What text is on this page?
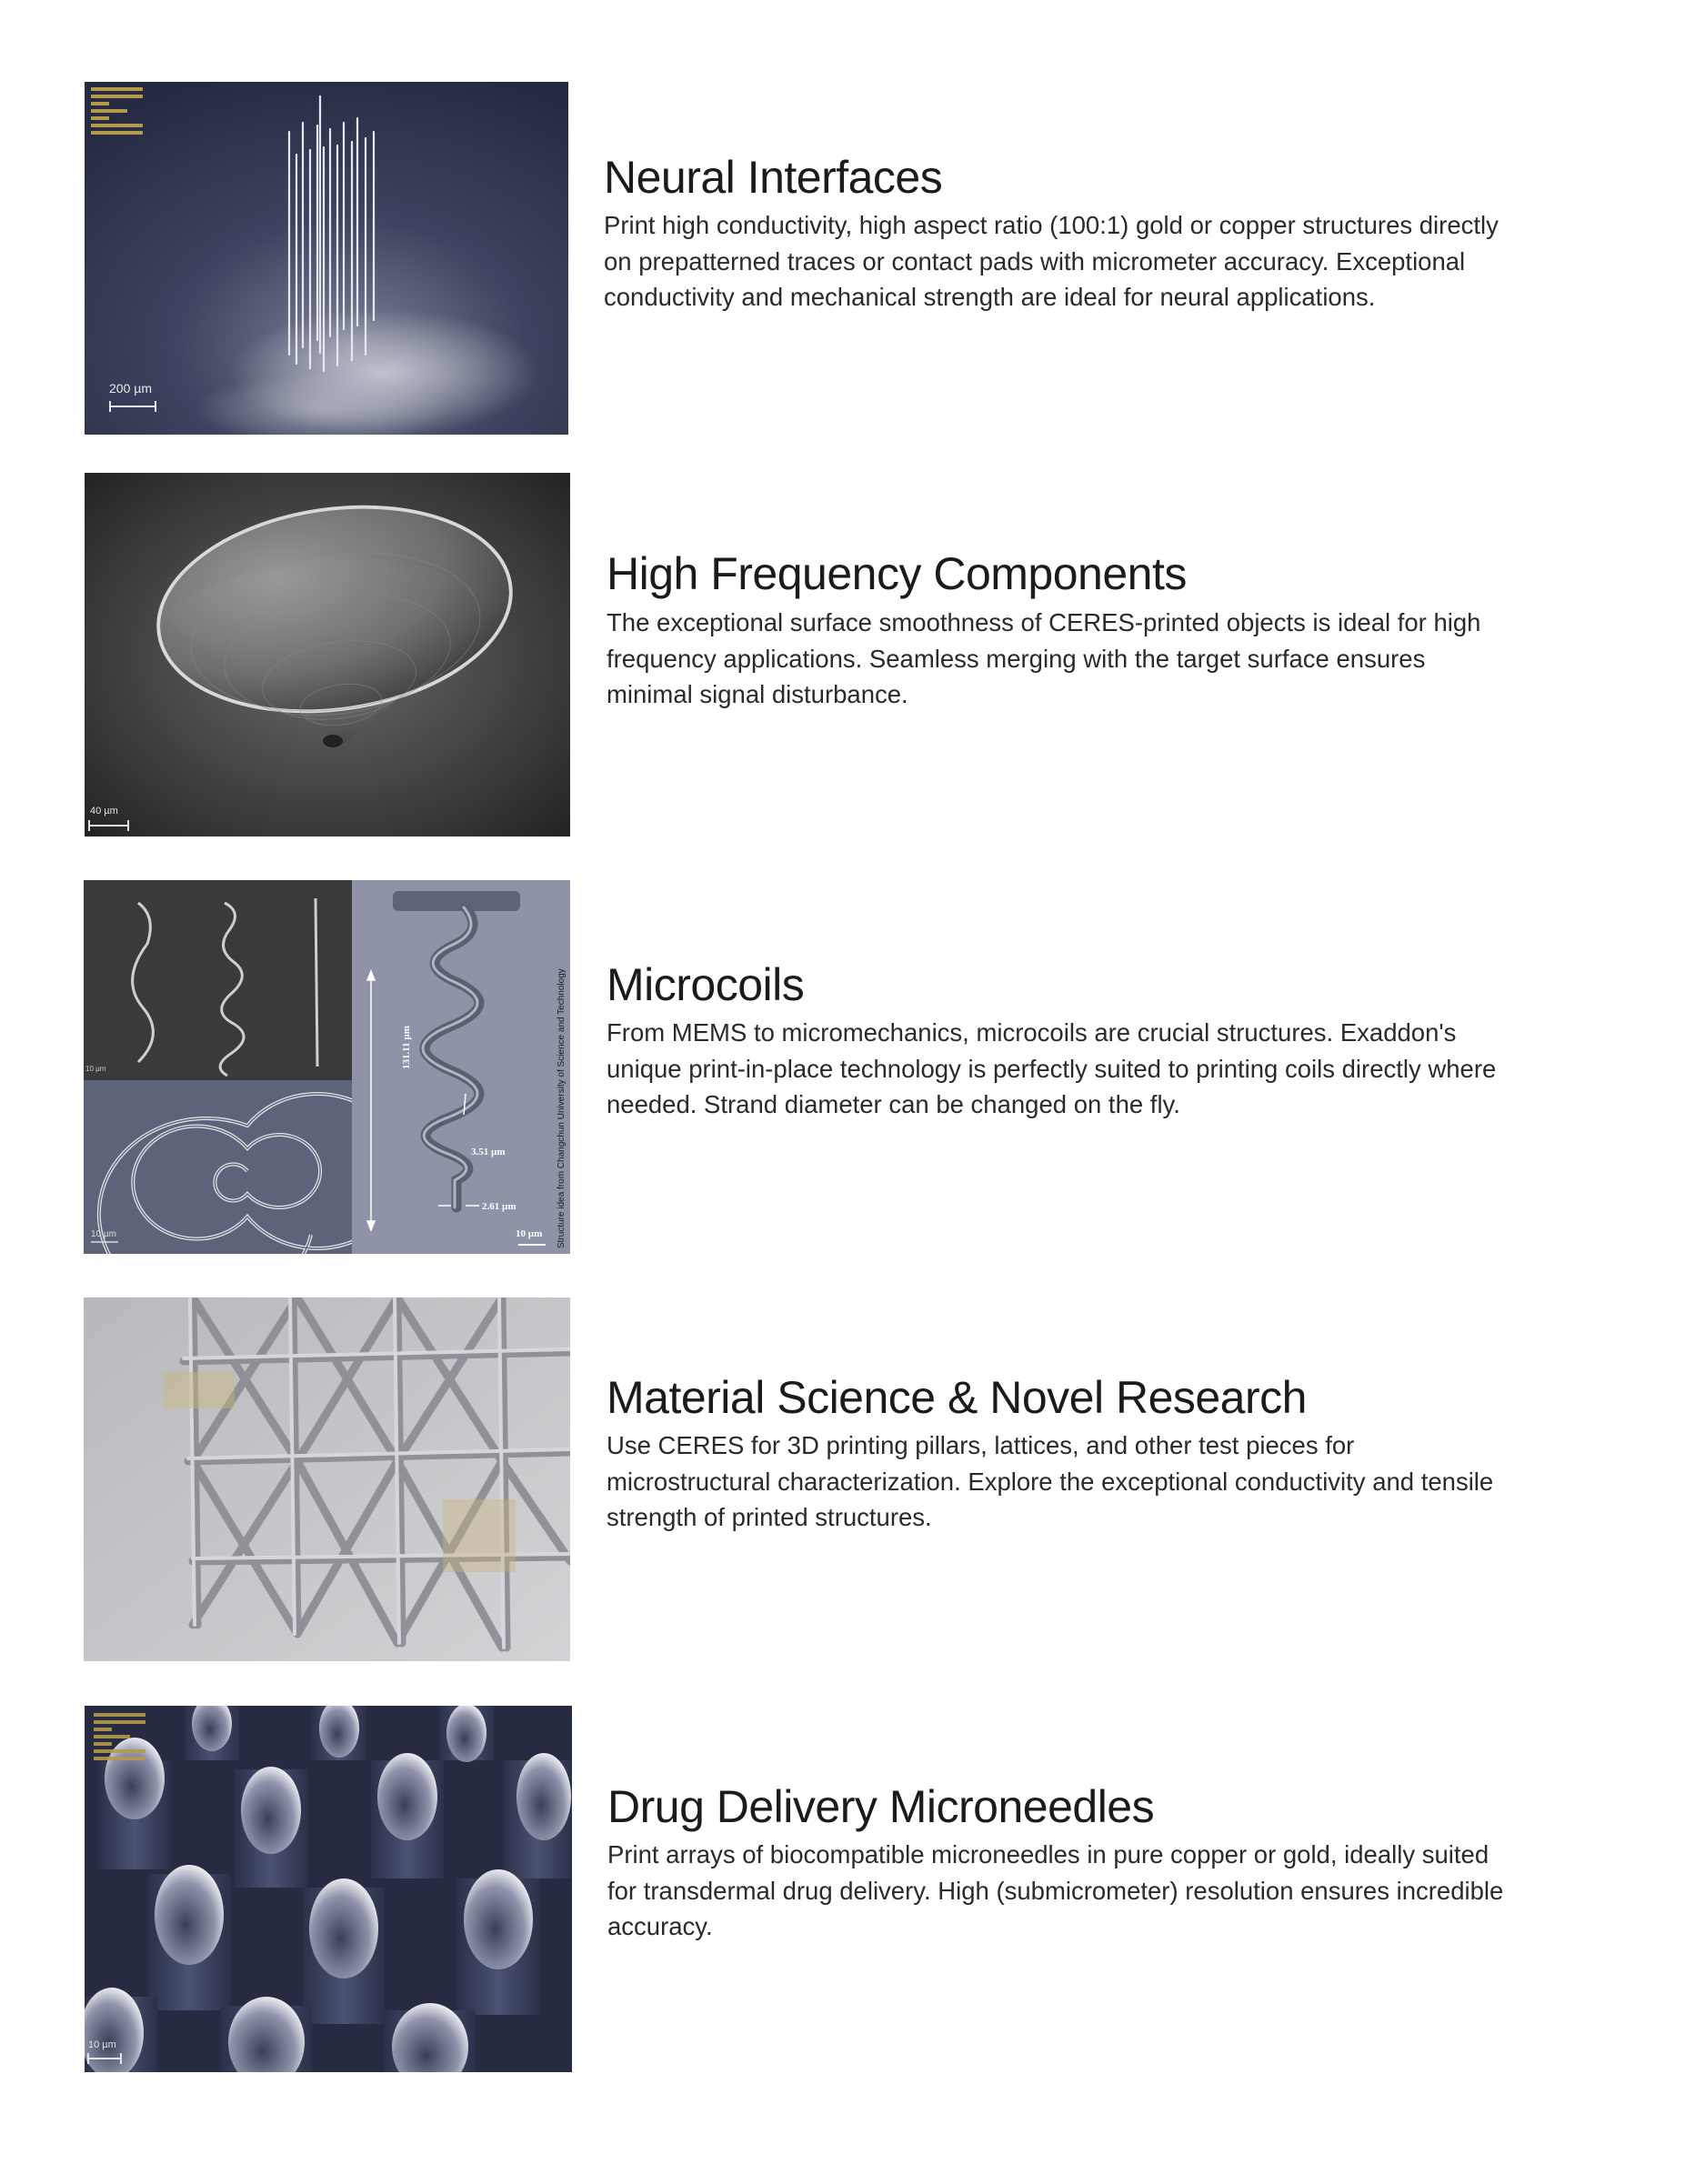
200 µm
Neural Interfaces

Print high conductivity, high aspect ratio (100:1) gold or copper structures directly on prepatterned traces or contact pads with micrometer accuracy. Exceptional conductivity and mechanical strength are ideal for neural applications.

40 µm
High Frequency Components

The exceptional surface smoothness of CERES-printed objects is ideal for high frequency applications. Seamless merging with the target surface ensures minimal signal disturbance.

10 µm
10 µm
131.11 µm
3.51 µm
2.61 µm
10 µm Structure idea from Changchun University of Science and Technology Microcoils

From MEMS to micromechanics, microcoils are crucial structures. Exaddon's unique print-in-place technology is perfectly suited to printing coils directly where needed. Strand diameter can be changed on the fly.

Material Science & Novel Research

Use CERES for 3D printing pillars, lattices, and other test pieces for microstructural characterization. Explore the exceptional conductivity and tensile strength of printed structures.

10 µm
Drug Delivery Microneedles

Print arrays of biocompatible microneedles in pure copper or gold, ideally suited for transdermal drug delivery. High (submicrometer) resolution ensures incredible accuracy.
